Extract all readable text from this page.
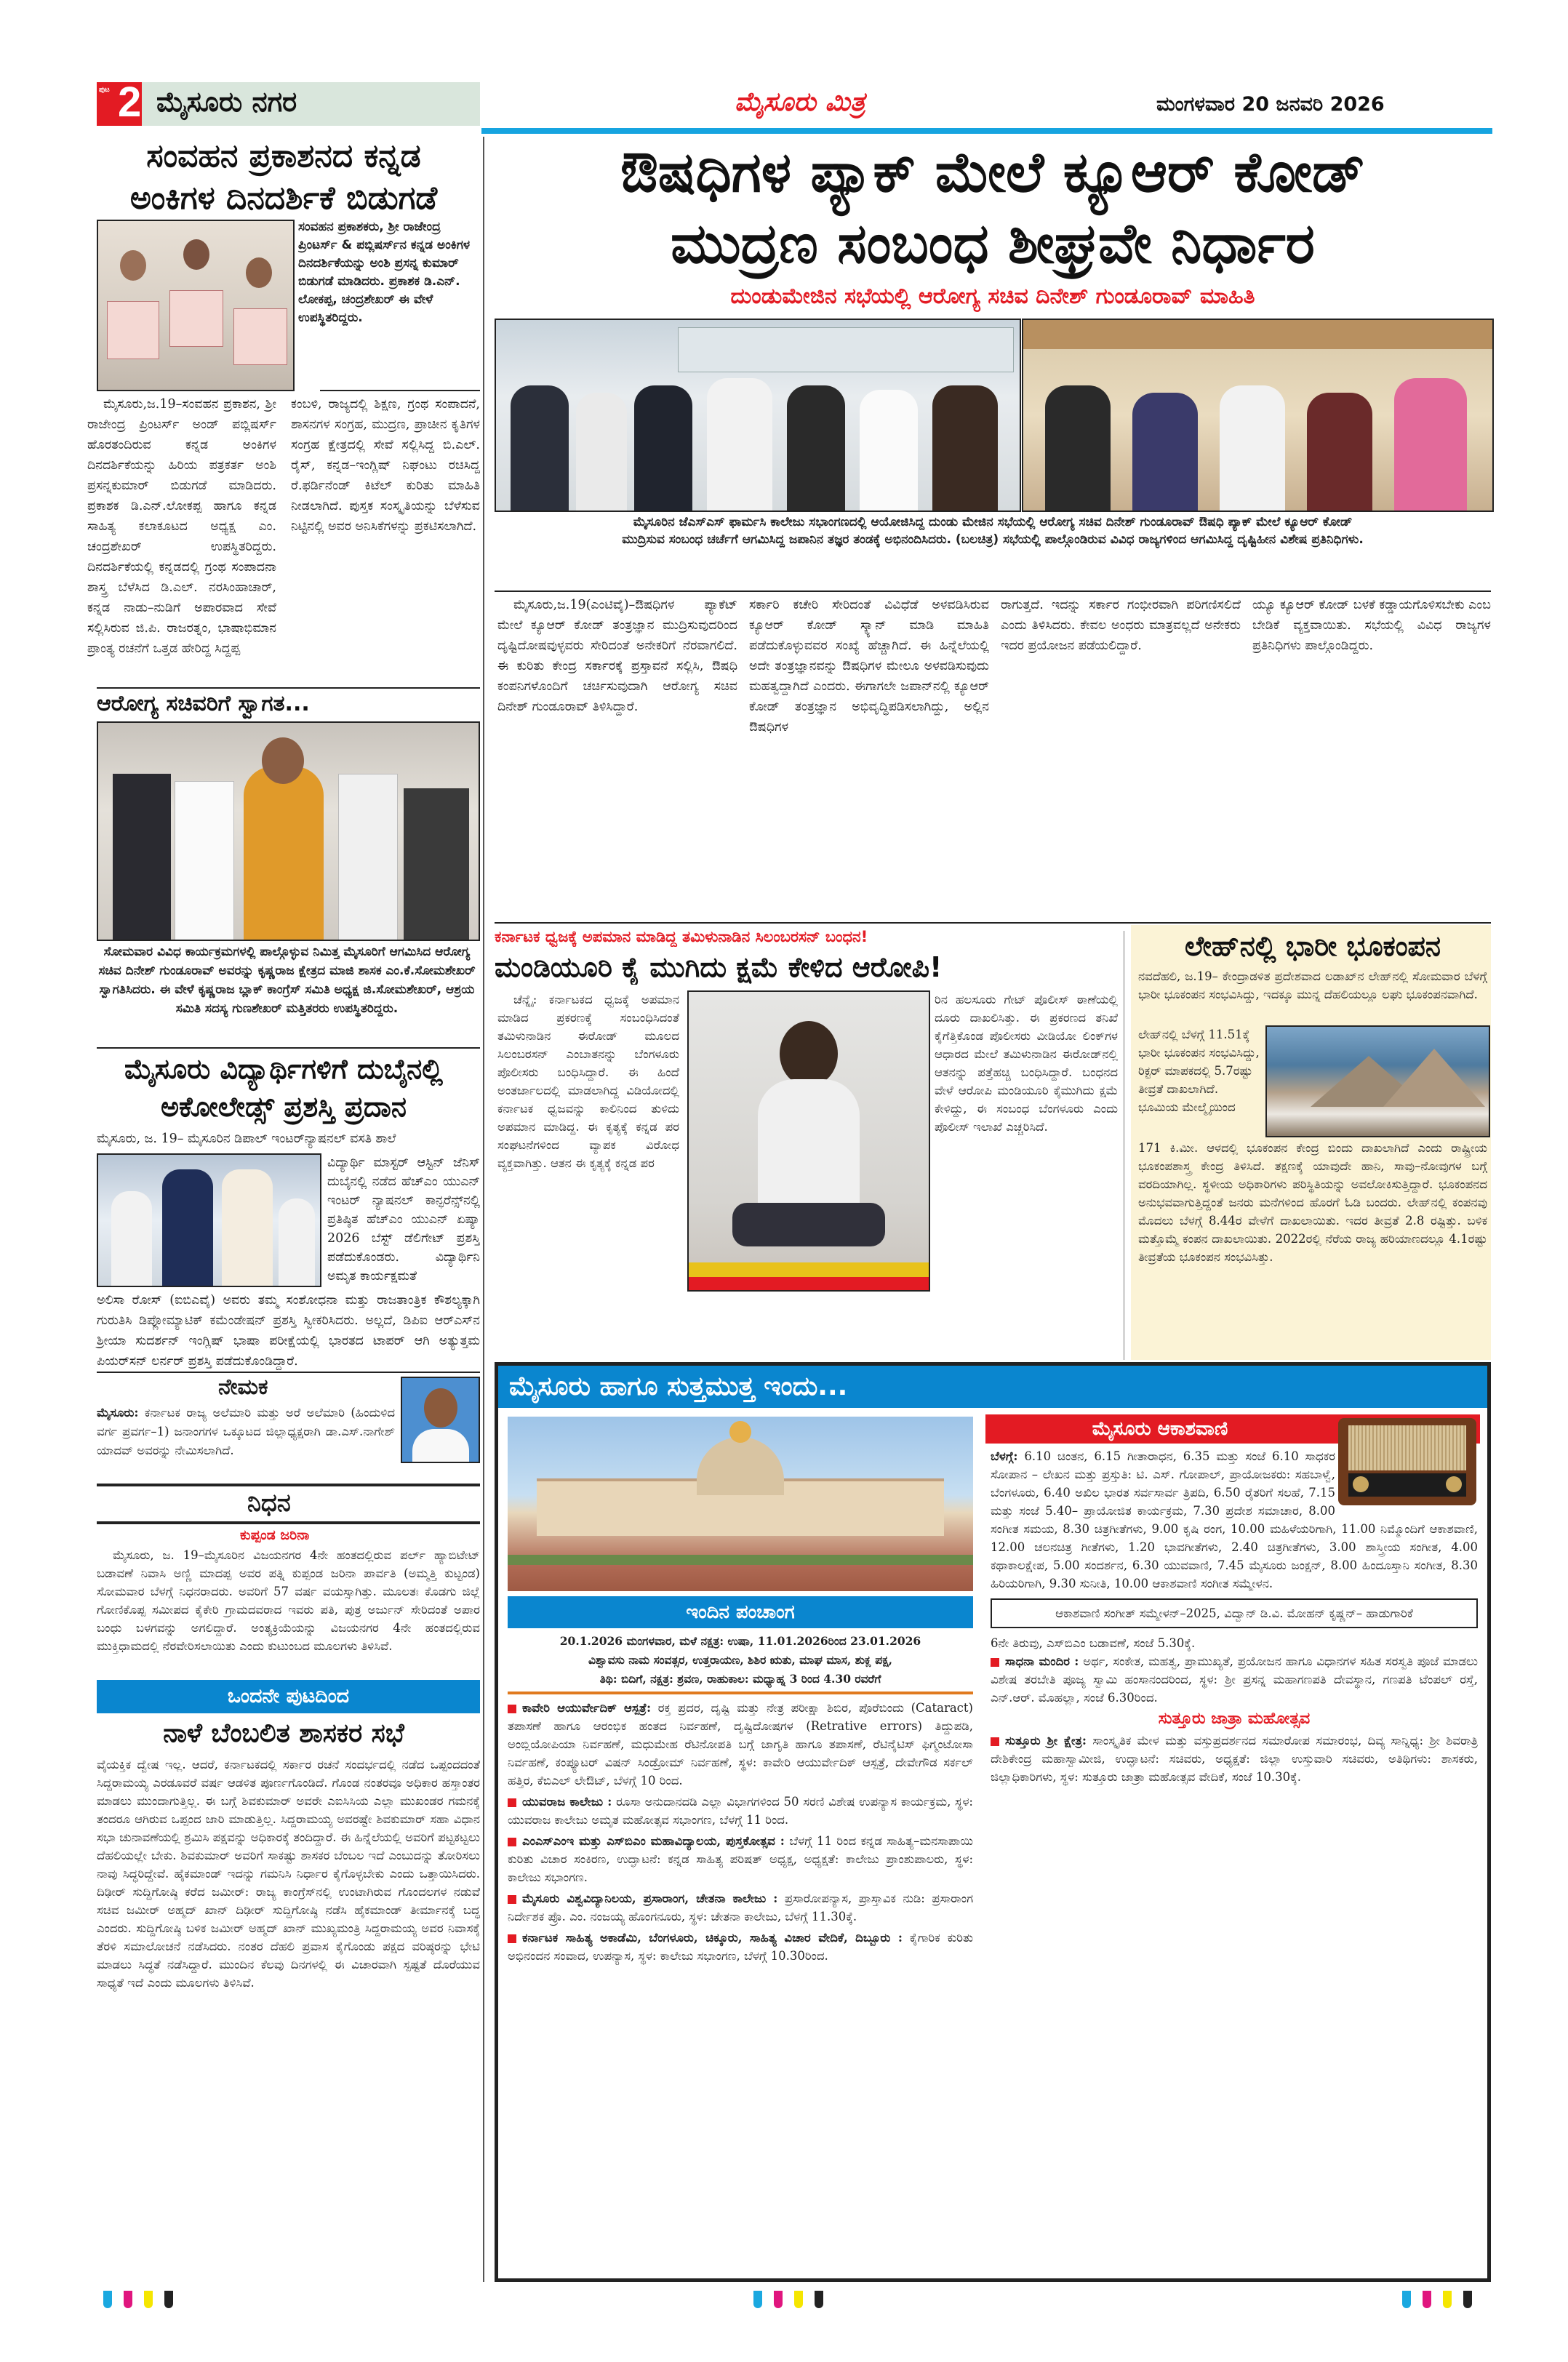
ಪುಟ 2 ಮೈಸೂರು ನಗರ	ಮೈಸೂರು ಮಿತ್ರ	ಮಂಗಳವಾರ 20 ಜನವರಿ 2026
ಸಂವಹನ ಪ್ರಕಾಶನದ ಕನ್ನಡ
ಅಂಕಿಗಳ ದಿನದರ್ಶಿಕೆ ಬಿಡುಗಡೆ
ಸಂವಹನ ಪ್ರಕಾಶಕರು, ಶ್ರೀ ರಾಜೇಂದ್ರ ಪ್ರಿಂಟರ್ಸ್ & ಪಬ್ಲಿಷರ್ಸ್‌ನ ಕನ್ನಡ ಅಂಕಿಗಳ ದಿನದರ್ಶಿಕೆಯನ್ನು ಅಂಶಿ ಪ್ರಸನ್ನ ಕುಮಾರ್ ಬಿಡುಗಡೆ ಮಾಡಿದರು. ಪ್ರಕಾಶಕ ಡಿ.ಎನ್. ಲೋಕಪ್ಪ, ಚಂದ್ರಶೇಖರ್ ಈ ವೇಳೆ ಉಪಸ್ಥಿತರಿದ್ದರು.

ಮೈಸೂರು,ಜ.19–ಸಂವಹನ ಪ್ರಕಾಶನ, ಶ್ರೀ ರಾಜೇಂದ್ರ ಪ್ರಿಂಟರ್ಸ್ ಅಂಡ್ ಪಬ್ಲಿಷರ್ಸ್ ಹೊರತಂದಿರುವ ಕನ್ನಡ ಅಂಕಿಗಳ ದಿನದರ್ಶಿಕೆಯನ್ನು ಹಿರಿಯ ಪತ್ರಕರ್ತ ಅಂಶಿ ಪ್ರಸನ್ನಕುಮಾರ್ ಬಿಡುಗಡೆ ಮಾಡಿದರು. ಪ್ರಕಾಶಕ ಡಿ.ಎನ್.ಲೋಕಪ್ಪ ಹಾಗೂ ಕನ್ನಡ ಸಾಹಿತ್ಯ ಕಲಾಕೂಟದ ಅಧ್ಯಕ್ಷ ಎಂ. ಚಂದ್ರಶೇಖರ್ ಉಪಸ್ಥಿತರಿದ್ದರು. ದಿನದರ್ಶಿಕೆಯಲ್ಲಿ ಕನ್ನಡದಲ್ಲಿ ಗ್ರಂಥ ಸಂಪಾದನಾ ಶಾಸ್ತ್ರ ಬೆಳೆಸಿದ ಡಿ.ಎಲ್. ನರಸಿಂಹಾಚಾರ್, ಕನ್ನಡ ನಾಡು–ನುಡಿಗೆ ಅಪಾರವಾದ ಸೇವೆ ಸಲ್ಲಿಸಿರುವ ಜಿ.ಪಿ. ರಾಜರತ್ನಂ, ಭಾಷಾಭಿಮಾನ ಪ್ರಾಂತ್ಯ ರಚನೆಗೆ ಒತ್ತಡ ಹೇರಿದ್ದ ಸಿದ್ದಪ್ಪ

ಕಂಬಳಿ, ರಾಜ್ಯದಲ್ಲಿ ಶಿಕ್ಷಣ, ಗ್ರಂಥ ಸಂಪಾದನೆ, ಶಾಸನಗಳ ಸಂಗ್ರಹ, ಮುದ್ರಣ, ಪ್ರಾಚೀನ ಕೃತಿಗಳ ಸಂಗ್ರಹ ಕ್ಷೇತ್ರದಲ್ಲಿ ಸೇವೆ ಸಲ್ಲಿಸಿದ್ದ ಬಿ.ಎಲ್. ರೈಸ್, ಕನ್ನಡ–ಇಂಗ್ಲಿಷ್ ನಿಘಂಟು ರಚಿಸಿದ್ದ ರೆ.ಫರ್ಡಿನೆಂಡ್ ಕಿಟೆಲ್ ಕುರಿತು ಮಾಹಿತಿ ನೀಡಲಾಗಿದೆ. ಪುಸ್ತಕ ಸಂಸ್ಕೃತಿಯನ್ನು ಬೆಳೆಸುವ ನಿಟ್ಟಿನಲ್ಲಿ ಅವರ ಅನಿಸಿಕೆಗಳನ್ನು ಪ್ರಕಟಿಸಲಾಗಿದೆ.

ಆರೋಗ್ಯ ಸಚಿವರಿಗೆ ಸ್ವಾಗತ...
ಸೋಮವಾರ ವಿವಿಧ ಕಾರ್ಯಕ್ರಮಗಳಲ್ಲಿ ಪಾಲ್ಗೊಳ್ಳುವ ನಿಮಿತ್ತ ಮೈಸೂರಿಗೆ ಆಗಮಿಸಿದ ಆರೋಗ್ಯ ಸಚಿವ ದಿನೇಶ್ ಗುಂಡೂರಾವ್ ಅವರನ್ನು ಕೃಷ್ಣರಾಜ ಕ್ಷೇತ್ರದ ಮಾಜಿ ಶಾಸಕ ಎಂ.ಕೆ.ಸೋಮಶೇಖರ್ ಸ್ವಾಗತಿಸಿದರು. ಈ ವೇಳೆ ಕೃಷ್ಣರಾಜ ಬ್ಲಾಕ್ ಕಾಂಗ್ರೆಸ್ ಸಮಿತಿ ಅಧ್ಯಕ್ಷ ಜಿ.ಸೋಮಶೇಖರ್, ಆಶ್ರಯ ಸಮಿತಿ ಸದಸ್ಯ ಗುಣಶೇಖರ್ ಮತ್ತಿತರರು ಉಪಸ್ಥಿತರಿದ್ದರು.
ಮೈಸೂರು ವಿದ್ಯಾರ್ಥಿಗಳಿಗೆ ದುಬೈನಲ್ಲಿ
ಅಕೋಲೇಡ್ಸ್ ಪ್ರಶಸ್ತಿ ಪ್ರದಾನ
ಮೈಸೂರು, ಜ. 19– ಮೈಸೂರಿನ ಡಿಪಾಲ್ ಇಂಟರ್‌ನ್ಯಾಷನಲ್ ವಸತಿ ಶಾಲೆ
ವಿದ್ಯಾರ್ಥಿ ಮಾಸ್ಟರ್ ಆಸ್ಟಿನ್ ಜೆನಿಸ್ ದುಬೈನಲ್ಲಿ ನಡೆದ ಹೆಚ್‌ಎಂ ಯುಎನ್ ಇಂಟರ್ ನ್ಯಾಷನಲ್ ಕಾನ್ಫರೆನ್ಸ್‌ನಲ್ಲಿ ಪ್ರತಿಷ್ಠಿತ ಹೆಚ್‌ಎಂ ಯುಎನ್ ಏಷ್ಯಾ 2026 ಬೆಸ್ಟ್ ಡೆಲಿಗೇಟ್ ಪ್ರಶಸ್ತಿ ಪಡೆದುಕೊಂಡರು. ವಿದ್ಯಾರ್ಥಿನಿ ಅಮೃತ ಕಾರ್ಯಕ್ಷಮತೆ
ಅಲಿಸಾ ರೋಸ್ (ಐಬಿಎವೈ) ಅವರು ತಮ್ಮ ಸಂಶೋಧನಾ ಮತ್ತು ರಾಜತಾಂತ್ರಿಕ ಕೌಶಲ್ಯಕ್ಕಾಗಿ ಗುರುತಿಸಿ ಡಿಪ್ಲೋಮ್ಯಾಟಿಕ್ ಕಮೆಂಡೇಷನ್ ಪ್ರಶಸ್ತಿ ಸ್ವೀಕರಿಸಿದರು. ಅಲ್ಲದೆ, ಡಿಪಿಐ ಆರ್‌ಎಸ್‌ನ ಶ್ರೀಯಾ ಸುದರ್ಶನ್ ಇಂಗ್ಲಿಷ್ ಭಾಷಾ ಪರೀಕ್ಷೆಯಲ್ಲಿ ಭಾರತದ ಟಾಪರ್ ಆಗಿ ಅತ್ಯುತ್ತಮ ಪಿಯರ್‌ಸನ್ ಲರ್ನರ್ ಪ್ರಶಸ್ತಿ ಪಡೆದುಕೊಂಡಿದ್ದಾರೆ.
ನೇಮಕ
ಮೈಸೂರು: ಕರ್ನಾಟಕ ರಾಜ್ಯ ಅಲೆಮಾರಿ ಮತ್ತು ಅರೆ ಅಲೆಮಾರಿ (ಹಿಂದುಳಿದ ವರ್ಗ ಪ್ರವರ್ಗ–1) ಜನಾಂಗಗಳ ಒಕ್ಕೂಟದ ಜಿಲ್ಲಾಧ್ಯಕ್ಷರಾಗಿ ಡಾ.ಎಸ್.ನಾಗೇಶ್ ಯಾದವ್ ಅವರನ್ನು ನೇಮಿಸಲಾಗಿದೆ.
ನಿಧನ
ಕುಪ್ಪಂಡ ಜರಿನಾ

ಮೈಸೂರು, ಜ. 19–ಮೈಸೂರಿನ ವಿಜಯನಗರ 4ನೇ ಹಂತದಲ್ಲಿರುವ ಪರ್ಲ್ ಹ್ಯಾಬಿಟೇಟ್ ಬಡಾವಣೆ ನಿವಾಸಿ ಅಣ್ಣಿ ಮಾದಪ್ಪ ಅವರ ಪತ್ನಿ ಕುಪ್ಪಂಡ ಜರಿನಾ ಪಾರ್ವತಿ (ಅಮ್ಮತ್ತಿ ಕುಟ್ಟಂಡ) ಸೋಮವಾರ ಬೆಳಗ್ಗೆ ನಿಧನರಾದರು. ಅವರಿಗೆ 57 ವರ್ಷ ವಯಸ್ಸಾಗಿತ್ತು. ಮೂಲತಃ ಕೊಡಗು ಜಿಲ್ಲೆ ಗೋಣಿಕೊಪ್ಪ ಸಮೀಪದ ಕೈಕೇರಿ ಗ್ರಾಮದವರಾದ ಇವರು ಪತಿ, ಪುತ್ರ ಅರ್ಜುನ್ ಸೇರಿದಂತೆ ಅಪಾರ ಬಂಧು ಬಳಗವನ್ನು ಅಗಲಿದ್ದಾರೆ. ಅಂತ್ಯಕ್ರಿಯೆಯನ್ನು ವಿಜಯನಗರ 4ನೇ ಹಂತದಲ್ಲಿರುವ ಮುಕ್ತಿಧಾಮದಲ್ಲಿ ನೆರವೇರಿಸಲಾಯಿತು ಎಂದು ಕುಟುಂಬದ ಮೂಲಗಳು ತಿಳಿಸಿವೆ.

ಒಂದನೇ ಪುಟದಿಂದ
ನಾಳೆ ಬೆಂಬಲಿತ ಶಾಸಕರ ಸಭೆ

ವೈಯಕ್ತಿಕ ದ್ವೇಷ ಇಲ್ಲ. ಆದರೆ, ಕರ್ನಾಟಕದಲ್ಲಿ ಸರ್ಕಾರ ರಚನೆ ಸಂದರ್ಭದಲ್ಲಿ ನಡೆದ ಒಪ್ಪಂದದಂತೆ ಸಿದ್ದರಾಮಯ್ಯ ಎರಡೂವರೆ ವರ್ಷ ಆಡಳಿತ ಪೂರ್ಣಗೊಂಡಿದೆ. ಗೊಂಡ ನಂತರವೂ ಅಧಿಕಾರ ಹಸ್ತಾಂತರ ಮಾಡಲು ಮುಂದಾಗುತ್ತಿಲ್ಲ. ಈ ಬಗ್ಗೆ ಶಿವಕುಮಾರ್ ಅವರೇ ಎಐಸಿಸಿಯ ಎಲ್ಲಾ ಮುಖಂಡರ ಗಮನಕ್ಕೆ ತಂದರೂ ಆಗಿರುವ ಒಪ್ಪಂದ ಜಾರಿ ಮಾಡುತ್ತಿಲ್ಲ. ಸಿದ್ದರಾಮಯ್ಯ ಅವರಷ್ಟೇ ಶಿವಕುಮಾರ್ ಸಹಾ ವಿಧಾನ ಸಭಾ ಚುನಾವಣೆಯಲ್ಲಿ ಶ್ರಮಿಸಿ ಪಕ್ಷವನ್ನು ಅಧಿಕಾರಕ್ಕೆ ತಂದಿದ್ದಾರೆ. ಈ ಹಿನ್ನೆಲೆಯಲ್ಲಿ ಅವರಿಗೆ ಪಟ್ಟಕಟ್ಟಲು ದೆಹಲಿಯಲ್ಲೇ ಬೇಕು. ಶಿವಕುಮಾರ್ ಅವರಿಗೆ ಸಾಕಷ್ಟು ಶಾಸಕರ ಬೆಂಬಲ ಇದೆ ಎಂಬುದನ್ನು ತೋರಿಸಲು ನಾವು ಸಿದ್ಧರಿದ್ದೇವೆ. ಹೈಕಮಾಂಡ್ ಇದನ್ನು ಗಮನಿಸಿ ನಿರ್ಧಾರ ಕೈಗೊಳ್ಳಬೇಕು ಎಂದು ಒತ್ತಾಯಿಸಿದರು. ದಿಢೀರ್ ಸುದ್ದಿಗೋಷ್ಠಿ ಕರೆದ ಜಮೀರ್: ರಾಜ್ಯ ಕಾಂಗ್ರೆಸ್‌ನಲ್ಲಿ ಉಂಟಾಗಿರುವ ಗೊಂದಲಗಳ ನಡುವೆ ಸಚಿವ ಜಮೀರ್ ಅಹ್ಮದ್ ಖಾನ್ ದಿಢೀರ್ ಸುದ್ದಿಗೋಷ್ಠಿ ನಡೆಸಿ ಹೈಕಮಾಂಡ್ ತೀರ್ಮಾನಕ್ಕೆ ಬದ್ಧ ಎಂದರು. ಸುದ್ದಿಗೋಷ್ಠಿ ಬಳಿಕ ಜಮೀರ್ ಅಹ್ಮದ್ ಖಾನ್ ಮುಖ್ಯಮಂತ್ರಿ ಸಿದ್ದರಾಮಯ್ಯ ಅವರ ನಿವಾಸಕ್ಕೆ ತೆರಳಿ ಸಮಾಲೋಚನೆ ನಡೆಸಿದರು. ನಂತರ ದೆಹಲಿ ಪ್ರವಾಸ ಕೈಗೊಂಡು ಪಕ್ಷದ ವರಿಷ್ಠರನ್ನು ಭೇಟಿ ಮಾಡಲು ಸಿದ್ಧತೆ ನಡೆಸಿದ್ದಾರೆ. ಮುಂದಿನ ಕೆಲವು ದಿನಗಳಲ್ಲಿ ಈ ವಿಚಾರವಾಗಿ ಸ್ಪಷ್ಟತೆ ದೊರೆಯುವ ಸಾಧ್ಯತೆ ಇದೆ ಎಂದು ಮೂಲಗಳು ತಿಳಿಸಿವೆ.

ಔಷಧಿಗಳ ಪ್ಯಾಕ್ ಮೇಲೆ ಕ್ಯೂಆರ್ ಕೋಡ್
ಮುದ್ರಣ ಸಂಬಂಧ ಶೀಘ್ರವೇ ನಿರ್ಧಾರ
ದುಂಡುಮೇಜಿನ ಸಭೆಯಲ್ಲಿ ಆರೋಗ್ಯ ಸಚಿವ ದಿನೇಶ್ ಗುಂಡೂರಾವ್ ಮಾಹಿತಿ
ಮೈಸೂರಿನ ಜೆಎಸ್‌ಎಸ್ ಫಾರ್ಮಸಿ ಕಾಲೇಜು ಸಭಾಂಗಣದಲ್ಲಿ ಆಯೋಜಿಸಿದ್ದ ದುಂಡು ಮೇಜಿನ ಸಭೆಯಲ್ಲಿ ಆರೋಗ್ಯ ಸಚಿವ ದಿನೇಶ್ ಗುಂಡೂರಾವ್ ಔಷಧಿ ಪ್ಯಾಕ್ ಮೇಲೆ ಕ್ಯೂಆರ್ ಕೋಡ್
ಮುದ್ರಿಸುವ ಸಂಬಂಧ ಚರ್ಚೆಗೆ ಆಗಮಿಸಿದ್ದ ಜಪಾನಿನ ತಜ್ಞರ ತಂಡಕ್ಕೆ ಅಭಿನಂದಿಸಿದರು. (ಬಲಚಿತ್ರ) ಸಭೆಯಲ್ಲಿ ಪಾಲ್ಗೊಂಡಿರುವ ವಿವಿಧ ರಾಜ್ಯಗಳಿಂದ ಆಗಮಿಸಿದ್ದ ದೃಷ್ಟಿಹೀನ ವಿಶೇಷ ಪ್ರತಿನಿಧಿಗಳು.

ಮೈಸೂರು,ಜ.19(ಎಂಟಿವೈ)–ಔಷಧಿಗಳ ಪ್ಯಾಕೆಟ್ ಮೇಲೆ ಕ್ಯೂಆರ್ ಕೋಡ್ ತಂತ್ರಜ್ಞಾನ ಮುದ್ರಿಸುವುದರಿಂದ ದೃಷ್ಟಿದೋಷವುಳ್ಳವರು ಸೇರಿದಂತೆ ಅನೇಕರಿಗೆ ನೆರವಾಗಲಿದೆ. ಈ ಕುರಿತು ಕೇಂದ್ರ ಸರ್ಕಾರಕ್ಕೆ ಪ್ರಸ್ತಾವನೆ ಸಲ್ಲಿಸಿ, ಔಷಧಿ ಕಂಪನಿಗಳೊಂದಿಗೆ ಚರ್ಚಿಸುವುದಾಗಿ ಆರೋಗ್ಯ ಸಚಿವ ದಿನೇಶ್ ಗುಂಡೂರಾವ್ ತಿಳಿಸಿದ್ದಾರೆ.

ಸರ್ಕಾರಿ ಕಚೇರಿ ಸೇರಿದಂತೆ ವಿವಿಧೆಡೆ ಅಳವಡಿಸಿರುವ ಕ್ಯೂಆರ್ ಕೋಡ್ ಸ್ಕ್ಯಾನ್ ಮಾಡಿ ಮಾಹಿತಿ ಪಡೆದುಕೊಳ್ಳುವವರ ಸಂಖ್ಯೆ ಹೆಚ್ಚಾಗಿದೆ. ಈ ಹಿನ್ನೆಲೆಯಲ್ಲಿ ಅದೇ ತಂತ್ರಜ್ಞಾನವನ್ನು ಔಷಧಿಗಳ ಮೇಲೂ ಅಳವಡಿಸುವುದು ಮಹತ್ವದ್ದಾಗಿದೆ ಎಂದರು. ಈಗಾಗಲೇ ಜಪಾನ್‌ನಲ್ಲಿ ಕ್ಯೂಆರ್ ಕೋಡ್ ತಂತ್ರಜ್ಞಾನ ಅಭಿವೃದ್ಧಿಪಡಿಸಲಾಗಿದ್ದು, ಅಲ್ಲಿನ ಔಷಧಿಗಳ

ರಾಗುತ್ತದೆ. ಇದನ್ನು ಸರ್ಕಾರ ಗಂಭೀರವಾಗಿ ಪರಿಗಣಿಸಲಿದೆ ಎಂದು ತಿಳಿಸಿದರು. ಕೇವಲ ಅಂಧರು ಮಾತ್ರವಲ್ಲದೆ ಅನೇಕರು ಇದರ ಪ್ರಯೋಜನ ಪಡೆಯಲಿದ್ದಾರೆ.

ಯ್ಯೂ ಕ್ಯೂಆರ್ ಕೋಡ್ ಬಳಕೆ ಕಡ್ಡಾಯಗೊಳಿಸಬೇಕು ಎಂಬ ಬೇಡಿಕೆ ವ್ಯಕ್ತವಾಯಿತು. ಸಭೆಯಲ್ಲಿ ವಿವಿಧ ರಾಜ್ಯಗಳ ಪ್ರತಿನಿಧಿಗಳು ಪಾಲ್ಗೊಂಡಿದ್ದರು.

ಕರ್ನಾಟಕ ಧ್ವಜಕ್ಕೆ ಅಪಮಾನ ಮಾಡಿದ್ದ ತಮಿಳುನಾಡಿನ ಸಿಲಂಬರಸನ್ ಬಂಧನ!
ಮಂಡಿಯೂರಿ ಕೈ ಮುಗಿದು ಕ್ಷಮೆ ಕೇಳಿದ ಆರೋಪಿ!

ಚೆನ್ನೈ: ಕರ್ನಾಟಕದ ಧ್ವಜಕ್ಕೆ ಅಪಮಾನ ಮಾಡಿದ ಪ್ರಕರಣಕ್ಕೆ ಸಂಬಂಧಿಸಿದಂತೆ ತಮಿಳುನಾಡಿನ ಈರೋಡ್ ಮೂಲದ ಸಿಲಂಬರಸನ್ ಎಂಬಾತನನ್ನು ಬೆಂಗಳೂರು ಪೊಲೀಸರು ಬಂಧಿಸಿದ್ದಾರೆ. ಈ ಹಿಂದೆ ಅಂತರ್ಜಾಲದಲ್ಲಿ ಮಾಡಲಾಗಿದ್ದ ವಿಡಿಯೋದಲ್ಲಿ ಕರ್ನಾಟಕ ಧ್ವಜವನ್ನು ಕಾಲಿನಿಂದ ತುಳಿದು ಅಪಮಾನ ಮಾಡಿದ್ದ. ಈ ಕೃತ್ಯಕ್ಕೆ ಕನ್ನಡ ಪರ ಸಂಘಟನೆಗಳಿಂದ ವ್ಯಾಪಕ ವಿರೋಧ ವ್ಯಕ್ತವಾಗಿತ್ತು. ಆತನ ಈ ಕೃತ್ಯಕ್ಕೆ ಕನ್ನಡ ಪರ

ರಿನ ಹಲಸೂರು ಗೇಟ್ ಪೊಲೀಸ್ ಠಾಣೆಯಲ್ಲಿ ದೂರು ದಾಖಲಿಸಿತ್ತು. ಈ ಪ್ರಕರಣದ ತನಿಖೆ ಕೈಗೆತ್ತಿಕೊಂಡ ಪೊಲೀಸರು ವೀಡಿಯೋ ಲಿಂಕ್‌ಗಳ ಆಧಾರದ ಮೇಲೆ ತಮಿಳುನಾಡಿನ ಈರೋಡ್‌ನಲ್ಲಿ ಆತನನ್ನು ಪತ್ತೆಹಚ್ಚಿ ಬಂಧಿಸಿದ್ದಾರೆ. ಬಂಧನದ ವೇಳೆ ಆರೋಪಿ ಮಂಡಿಯೂರಿ ಕೈಮುಗಿದು ಕ್ಷಮೆ ಕೇಳಿದ್ದು, ಈ ಸಂಬಂಧ ಬೆಂಗಳೂರು ಎಂದು ಪೊಲೀಸ್ ಇಲಾಖೆ ಎಚ್ಚರಿಸಿದೆ.

ಲೇಹ್‌ನಲ್ಲಿ ಭಾರೀ ಭೂಕಂಪನ
ನವದೆಹಲಿ, ಜ.19– ಕೇಂದ್ರಾಡಳಿತ ಪ್ರದೇಶವಾದ ಲಡಾಖ್‌ನ ಲೇಹ್‌ನಲ್ಲಿ ಸೋಮವಾರ ಬೆಳಗ್ಗೆ ಭಾರೀ ಭೂಕಂಪನ ಸಂಭವಿಸಿದ್ದು, ಇದಕ್ಕೂ ಮುನ್ನ ದೆಹಲಿಯಲ್ಲೂ ಲಘು ಭೂಕಂಪನವಾಗಿದೆ.
ಲೇಹ್‌ನಲ್ಲಿ ಬೆಳಗ್ಗೆ 11.51ಕ್ಕೆ ಭಾರೀ ಭೂಕಂಪನ ಸಂಭವಿಸಿದ್ದು, ರಿಕ್ಟರ್ ಮಾಪಕದಲ್ಲಿ 5.7ರಷ್ಟು ತೀವ್ರತೆ ದಾಖಲಾಗಿದೆ. ಭೂಮಿಯ ಮೇಲ್ಮೈಯಿಂದ
171 ಕಿ.ಮೀ. ಆಳದಲ್ಲಿ ಭೂಕಂಪನ ಕೇಂದ್ರ ಬಿಂದು ದಾಖಲಾಗಿದೆ ಎಂದು ರಾಷ್ಟ್ರೀಯ ಭೂಕಂಪಶಾಸ್ತ್ರ ಕೇಂದ್ರ ತಿಳಿಸಿದೆ. ತಕ್ಷಣಕ್ಕೆ ಯಾವುದೇ ಹಾನಿ, ಸಾವು–ನೋವುಗಳ ಬಗ್ಗೆ ವರದಿಯಾಗಿಲ್ಲ. ಸ್ಥಳೀಯ ಅಧಿಕಾರಿಗಳು ಪರಿಸ್ಥಿತಿಯನ್ನು ಅವಲೋಕಿಸುತ್ತಿದ್ದಾರೆ. ಭೂಕಂಪನದ ಅನುಭವವಾಗುತ್ತಿದ್ದಂತೆ ಜನರು ಮನೆಗಳಿಂದ ಹೊರಗೆ ಓಡಿ ಬಂದರು. ಲೇಹ್‌ನಲ್ಲಿ ಕಂಪನವು ಮೊದಲು ಬೆಳಗ್ಗೆ 8.44ರ ವೇಳೆಗೆ ದಾಖಲಾಯಿತು. ಇದರ ತೀವ್ರತೆ 2.8 ರಷ್ಟಿತ್ತು. ಬಳಿಕ ಮತ್ತೊಮ್ಮೆ ಕಂಪನ ದಾಖಲಾಯಿತು. 2022ರಲ್ಲಿ ನೆರೆಯ ರಾಜ್ಯ ಹರಿಯಾಣದಲ್ಲೂ 4.1ರಷ್ಟು ತೀವ್ರತೆಯ ಭೂಕಂಪನ ಸಂಭವಿಸಿತ್ತು.
ಮೈಸೂರು ಹಾಗೂ ಸುತ್ತಮುತ್ತ ಇಂದು...
ಇಂದಿನ ಪಂಚಾಂಗ
20.1.2026 ಮಂಗಳವಾರ, ಮಳೆ ನಕ್ಷತ್ರ: ಉಷಾ, 11.01.2026ರಿಂದ 23.01.2026
ವಿಶ್ವಾವಸು ನಾಮ ಸಂವತ್ಸರ, ಉತ್ತರಾಯಣ, ಶಿಶಿರ ಋತು, ಮಾಘ ಮಾಸ, ಶುಕ್ಲ ಪಕ್ಷ,
ತಿಥಿ: ಬಿದಿಗೆ, ನಕ್ಷತ್ರ: ಶ್ರವಣ, ರಾಹುಕಾಲ: ಮಧ್ಯಾಹ್ನ 3 ರಿಂದ 4.30 ರವರೆಗೆ
ಕಾವೇರಿ ಆಯುರ್ವೇದಿಕ್ ಆಸ್ಪತ್ರೆ: ರಕ್ತ ಪ್ರದರ, ದೃಷ್ಟಿ ಮತ್ತು ನೇತ್ರ ಪರೀಕ್ಷಾ ಶಿಬಿರ, ಪೊರೆಬಿಂದು (Cataract) ತಪಾಸಣೆ ಹಾಗೂ ಆರಂಭಿಕ ಹಂತದ ನಿರ್ವಹಣೆ, ದೃಷ್ಟಿದೋಷಗಳ (Retrative errors) ತಿದ್ದುಪಡಿ, ಅಂಬ್ಲಿಯೋಪಿಯಾ ನಿರ್ವಹಣೆ, ಮಧುಮೇಹ ರೆಟಿನೋಪತಿ ಬಗ್ಗೆ ಜಾಗೃತಿ ಹಾಗೂ ತಪಾಸಣೆ, ರೆಟಿನೈಟಿಸ್ ಫಿಗ್ಮಂಟೋಸಾ ನಿರ್ವಹಣೆ, ಕಂಪ್ಯೂಟರ್ ವಿಷನ್ ಸಿಂಡ್ರೋಮ್ ನಿರ್ವಹಣೆ, ಸ್ಥಳ: ಕಾವೇರಿ ಆಯುರ್ವೇದಿಕ್ ಆಸ್ಪತ್ರೆ, ದೇವೇಗೌಡ ಸರ್ಕಲ್ ಹತ್ತಿರ, ಕೆಬಿಎಲ್ ಲೇಔಟ್, ಬೆಳಗ್ಗೆ 10 ರಿಂದ.
ಯುವರಾಜ ಕಾಲೇಜು : ರೂಸಾ ಅನುದಾನದಡಿ ಎಲ್ಲಾ ವಿಭಾಗಗಳಿಂದ 50 ಸರಣಿ ವಿಶೇಷ ಉಪನ್ಯಾಸ ಕಾರ್ಯಕ್ರಮ, ಸ್ಥಳ: ಯುವರಾಜ ಕಾಲೇಜು ಅಮೃತ ಮಹೋತ್ಸವ ಸಭಾಂಗಣ, ಬೆಳಗ್ಗೆ 11 ರಿಂದ.
ಎಂಎಸ್‌ಎಂಇ ಮತ್ತು ಎಸ್‌ಬಿಎಂ ಮಹಾವಿದ್ಯಾಲಯ, ಪುಸ್ತಕೋತ್ಸವ : ಬೆಳಗ್ಗೆ 11 ರಿಂದ ಕನ್ನಡ ಸಾಹಿತ್ಯ–ಮನಸಾಪಾಯಿ ಕುರಿತು ವಿಚಾರ ಸಂಕಿರಣ, ಉದ್ಘಾಟನೆ: ಕನ್ನಡ ಸಾಹಿತ್ಯ ಪರಿಷತ್ ಅಧ್ಯಕ್ಷ, ಅಧ್ಯಕ್ಷತೆ: ಕಾಲೇಜು ಪ್ರಾಂಶುಪಾಲರು, ಸ್ಥಳ: ಕಾಲೇಜು ಸಭಾಂಗಣ.
ಮೈಸೂರು ವಿಶ್ವವಿದ್ಯಾನಿಲಯ, ಪ್ರಸಾರಾಂಗ, ಚೇತನಾ ಕಾಲೇಜು : ಪ್ರಸಾರೋಪನ್ಯಾಸ, ಪ್ರಾಸ್ತಾವಿಕ ನುಡಿ: ಪ್ರಸಾರಾಂಗ ನಿರ್ದೇಶಕ ಪ್ರೊ. ಎಂ. ನಂಜಯ್ಯ ಹೊಂಗನೂರು, ಸ್ಥಳ: ಚೇತನಾ ಕಾಲೇಜು, ಬೆಳಗ್ಗೆ 11.30ಕ್ಕೆ.
ಕರ್ನಾಟಕ ಸಾಹಿತ್ಯ ಅಕಾಡೆಮಿ, ಬೆಂಗಳೂರು, ಚಿಕ್ಕೂರು, ಸಾಹಿತ್ಯ ವಿಚಾರ ವೇದಿಕೆ, ದಿಬ್ಬೂರು : ಕೈಗಾರಿಕ ಕುರಿತು ಅಭಿನಂದನ ಸಂವಾದ, ಉಪನ್ಯಾಸ, ಸ್ಥಳ: ಕಾಲೇಜು ಸಭಾಂಗಣ, ಬೆಳಗ್ಗೆ 10.30ರಿಂದ.
ಮೈಸೂರು ಆಕಾಶವಾಣಿ
ಬೆಳಗ್ಗೆ: 6.10 ಚಿಂತನ, 6.15 ಗೀತಾರಾಧನ, 6.35 ಮತ್ತು ಸಂಜೆ 6.10 ಸಾಧಕರ ಸೋಪಾನ – ಲೇಖನ ಮತ್ತು ಪ್ರಸ್ತುತಿ: ಟಿ. ಎಸ್. ಗೋಪಾಲ್, ಪ್ರಾಯೋಜಕರು: ಸಹಬಾಳ್ವೆ, ಬೆಂಗಳೂರು, 6.40 ಅಖಿಲ ಭಾರತ ಸರ್ವಸಾರ್ವ ತ್ರಿಪದಿ, 6.50 ರೈತರಿಗೆ ಸಲಹೆ, 7.15 ಮತ್ತು ಸಂಜೆ 5.40– ಪ್ರಾಯೋಜಿತ ಕಾರ್ಯಕ್ರಮ, 7.30 ಪ್ರದೇಶ ಸಮಾಚಾರ, 8.00 ಸಂಗೀತ ಸಮಯ, 8.30 ಚಿತ್ರಗೀತೆಗಳು, 9.00 ಕೃಷಿ ರಂಗ, 10.00 ಮಹಿಳೆಯರಿಗಾಗಿ, 11.00 ನಿಮ್ಮೊಂದಿಗೆ ಆಕಾಶವಾಣಿ, 12.00 ಚಲನಚಿತ್ರ ಗೀತೆಗಳು, 1.20 ಭಾವಗೀತೆಗಳು, 2.40 ಚಿತ್ರಗೀತೆಗಳು, 3.00 ಶಾಸ್ತ್ರೀಯ ಸಂಗೀತ, 4.00 ಕಥಾಕಾಲಕ್ಷೇಪ, 5.00 ಸಂದರ್ಶನ, 6.30 ಯುವವಾಣಿ, 7.45 ಮೈಸೂರು ಜಂಕ್ಷನ್, 8.00 ಹಿಂದೂಸ್ತಾನಿ ಸಂಗೀತ, 8.30 ಹಿರಿಯರಿಗಾಗಿ, 9.30 ಸುನೀತಿ, 10.00 ಆಕಾಶವಾಣಿ ಸಂಗೀತ ಸಮ್ಮೇಳನ.
ಆಕಾಶವಾಣಿ ಸಂಗೀತ್ ಸಮ್ಮೇಳನ್–2025, ವಿದ್ವಾನ್ ಡಿ.ವಿ. ಮೋಹನ್ ಕೃಷ್ಣನ್– ಹಾಡುಗಾರಿಕೆ
6ನೇ ತಿರುವು, ಎಸ್‌ಬಿಎಂ ಬಡಾವಣೆ, ಸಂಜೆ 5.30ಕ್ಕೆ.
ಸಾಧನಾ ಮಂದಿರ : ಅರ್ಥ, ಸಂಕೇತ, ಮಹತ್ವ, ಪ್ರಾಮುಖ್ಯತೆ, ಪ್ರಯೋಜನ ಹಾಗೂ ವಿಧಾನಗಳ ಸಹಿತ ಸರಸ್ವತಿ ಪೂಜೆ ಮಾಡಲು ವಿಶೇಷ ತರಬೇತಿ ಪೂಜ್ಯ ಸ್ವಾಮಿ ಹಂಸಾನಂದರಿಂದ, ಸ್ಥಳ: ಶ್ರೀ ಪ್ರಸನ್ನ ಮಹಾಗಣಪತಿ ದೇವಸ್ಥಾನ, ಗಣಪತಿ ಟೆಂಪಲ್ ರಸ್ತೆ, ಎನ್.ಆರ್. ಮೊಹಲ್ಲಾ, ಸಂಜೆ 6.30ರಿಂದ.
ಸುತ್ತೂರು ಜಾತ್ರಾ ಮಹೋತ್ಸವ
ಸುತ್ತೂರು ಶ್ರೀ ಕ್ಷೇತ್ರ: ಸಾಂಸ್ಕೃತಿಕ ಮೇಳ ಮತ್ತು ವಸ್ತುಪ್ರದರ್ಶನದ ಸಮಾರೋಪ ಸಮಾರಂಭ, ದಿವ್ಯ ಸಾನ್ನಿಧ್ಯ: ಶ್ರೀ ಶಿವರಾತ್ರಿ ದೇಶಿಕೇಂದ್ರ ಮಹಾಸ್ವಾಮೀಜಿ, ಉದ್ಘಾಟನೆ: ಸಚಿವರು, ಅಧ್ಯಕ್ಷತೆ: ಜಿಲ್ಲಾ ಉಸ್ತುವಾರಿ ಸಚಿವರು, ಅತಿಥಿಗಳು: ಶಾಸಕರು, ಜಿಲ್ಲಾಧಿಕಾರಿಗಳು, ಸ್ಥಳ: ಸುತ್ತೂರು ಜಾತ್ರಾ ಮಹೋತ್ಸವ ವೇದಿಕೆ, ಸಂಜೆ 10.30ಕ್ಕೆ.
